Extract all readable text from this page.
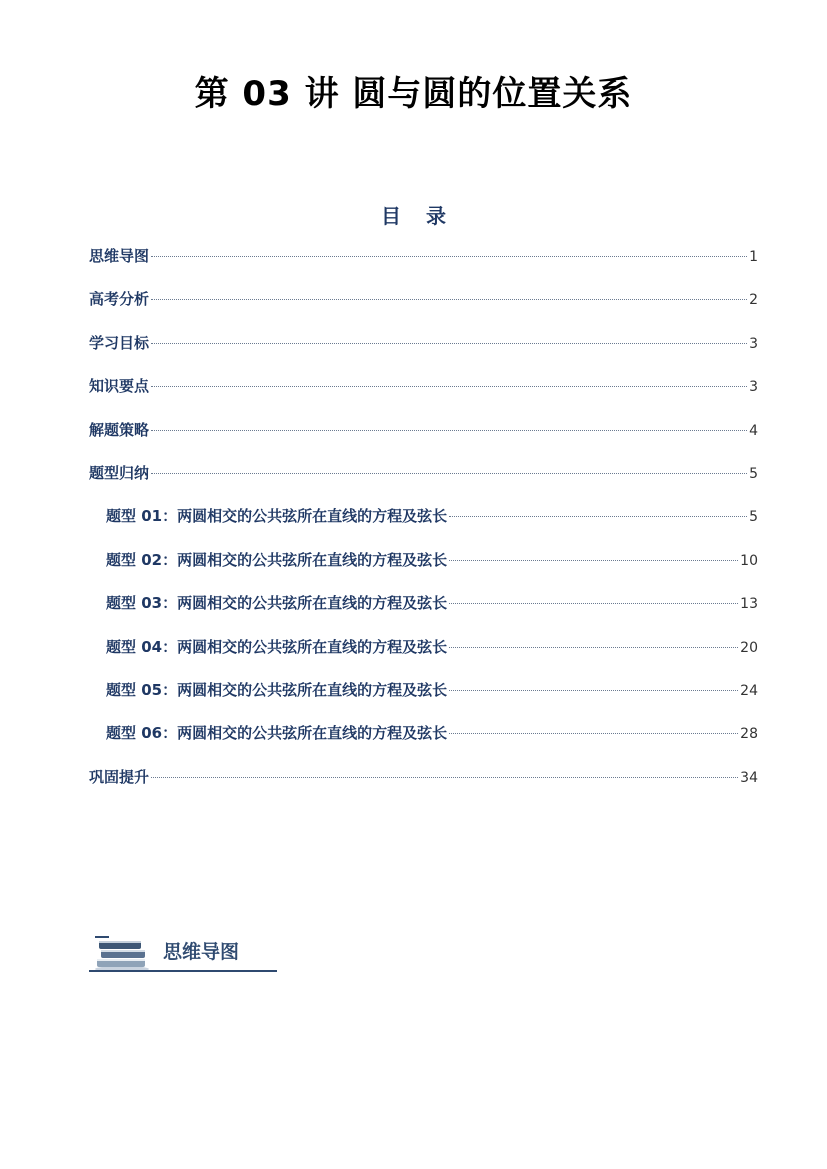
第 03 讲 圆与圆的位置关系
目 录
思维导图	1
高考分析	2
学习目标	3
知识要点	3
解题策略	4
题型归纳	5
题型 01：两圆相交的公共弦所在直线的方程及弦长	5
题型 02：两圆相交的公共弦所在直线的方程及弦长	10
题型 03：两圆相交的公共弦所在直线的方程及弦长	13
题型 04：两圆相交的公共弦所在直线的方程及弦长	20
题型 05：两圆相交的公共弦所在直线的方程及弦长	24
题型 06：两圆相交的公共弦所在直线的方程及弦长	28
巩固提升	34
思维导图
